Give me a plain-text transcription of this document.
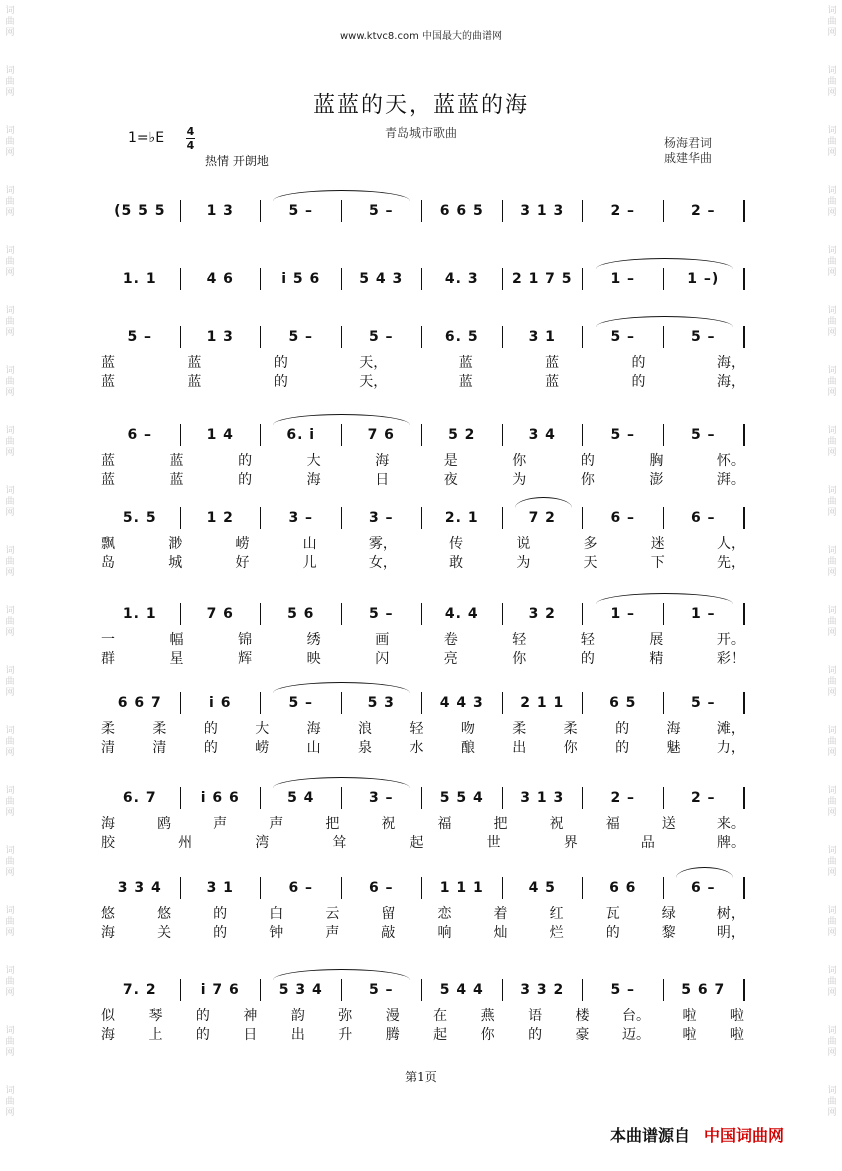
词
曲
网
词
曲
网
词
曲
网
词
曲
网
词
曲
网
词
曲
网
词
曲
网
词
曲
网
词
曲
网
词
曲
网
词
曲
网
词
曲
网
词
曲
网
词
曲
网
词
曲
网
词
曲
网
词
曲
网
词
曲
网
词
曲
网
词
曲
网
词
曲
网
词
曲
网
词
曲
网
词
曲
网
词
曲
网
词
曲
网
词
曲
网
词
曲
网
词
曲
网
词
曲
网
词
曲
网
词
曲
网
词
曲
网
词
曲
网
词
曲
网
词
曲
网
词
曲
网
词
曲
网
www.ktvc8.com 中国最大的曲谱网
蓝蓝的天，蓝蓝的海
青岛城市歌曲
1=♭E 4
4
热情 开朗地
杨海君词
戚建华曲
(5 5 5	1 3	5 –	5 –	6 6 5	3 1 3	2 –	2 –
1. 1	4 6	i 5 6	5 4 3	4. 3	2 1 7 5	1 –	1 –)
5 –	1 3	5 –	5 –	6. 5	3 1	5 –	5 –
蓝	蓝	的	天，	蓝	蓝	的	海，
蓝	蓝	的	天，	蓝	蓝	的	海，
6 –	1 4	6. i	7 6	5 2	3 4	5 –	5 –
蓝	蓝	的	大	海	是	你	的	胸	怀。
蓝	蓝	的	海	日	夜	为	你	澎	湃。
5. 5	1 2	3 –	3 –	2. 1	7 2	6 –	6 –
飘	渺	崂	山	雾，	传	说	多	迷	人，
岛	城	好	儿	女，	敢	为	天	下	先，
1. 1	7 6	5 6	5 –	4. 4	3 2	1 –	1 –
一	幅	锦	绣	画	卷	轻	轻	展	开。
群	星	辉	映	闪	亮	你	的	精	彩！
6 6 7	i 6	5 –	5 3	4 4 3	2 1 1	6 5	5 –
柔	柔	的	大	海	浪	轻	吻	柔	柔	的	海	滩，
清	清	的	崂	山	泉	水	酿	出	你	的	魅	力，
6. 7	i 6 6	5 4	3 –	5 5 4	3 1 3	2 –	2 –
海	鸥	声	声	把	祝	福	把	祝	福	送	来。
胶	州	湾	耸	起	世	界	品	牌。
3 3 4	3 1	6 –	6 –	1 1 1	4 5	6 6	6 –
悠	悠	的	白	云	留	恋	着	红	瓦	绿	树，
海	关	的	钟	声	敲	响	灿	烂	的	黎	明，
7. 2	i 7 6	5 3 4	5 –	5 4 4	3 3 2	5 –	5 6 7
似 琴 的 神 韵 弥 漫 在 燕 语 楼 台。 啦 啦
海 上 的 日 出 升 腾 起 你 的 豪 迈。 啦 啦
第1页
本曲谱源自 中国词曲网
